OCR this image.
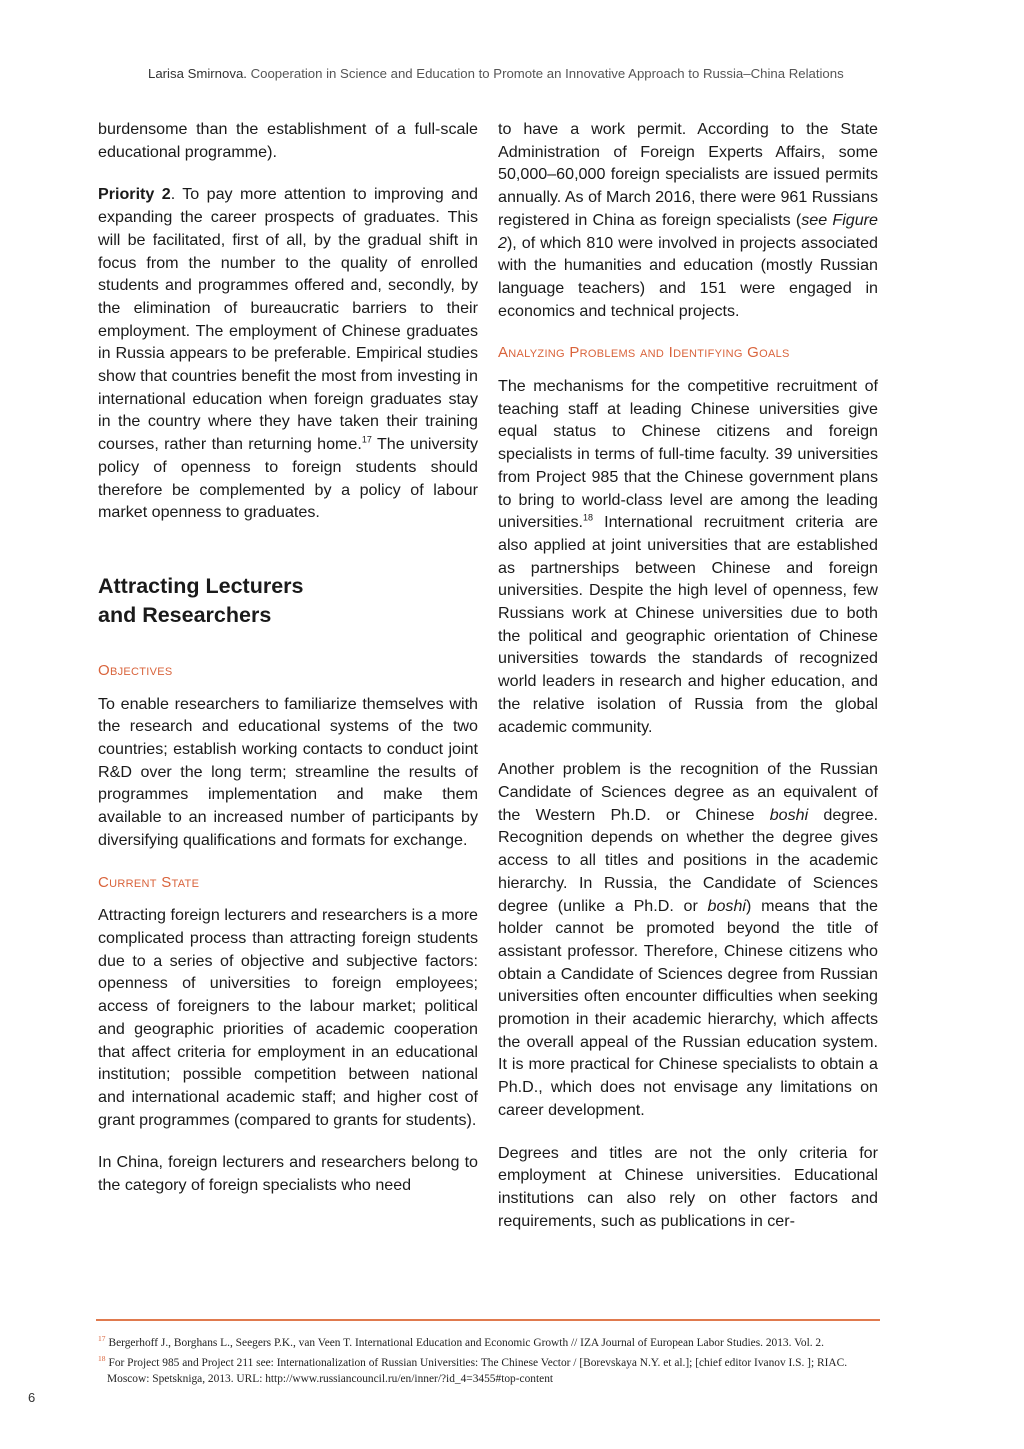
Larisa Smirnova. Cooperation in Science and Education to Promote an Innovative Approach to Russia–China Relations

burdensome than the establishment of a full-scale educational programme).

Priority 2. To pay more attention to improving and expanding the career prospects of graduates. This will be facilitated, first of all, by the gradual shift in focus from the number to the quality of enrolled students and programmes offered and, secondly, by the elimination of bureaucratic barriers to their employment. The employment of Chinese graduates in Russia appears to be preferable. Empirical studies show that countries benefit the most from investing in international education when foreign graduates stay in the country where they have taken their training courses, rather than returning home.$^{17}$ The university policy of openness to foreign students should therefore be complemented by a policy of labour market openness to graduates.

Attracting Lecturers
and Researchers
Objectives

To enable researchers to familiarize themselves with the research and educational systems of the two countries; establish working contacts to conduct joint R&D over the long term; streamline the results of programmes implementation and make them available to an increased number of participants by diversifying qualifications and formats for exchange.

Current State

Attracting foreign lecturers and researchers is a more complicated process than attracting foreign students due to a series of objective and subjective factors: openness of universities to foreign employees; access of foreigners to the labour market; political and geographic priorities of academic cooperation that affect criteria for employment in an educational institution; possible competition between national and international academic staff; and higher cost of grant programmes (compared to grants for students).

In China, foreign lecturers and researchers belong to the category of foreign specialists who need

to have a work permit. According to the State Administration of Foreign Experts Affairs, some 50,000–60,000 foreign specialists are issued permits annually. As of March 2016, there were 961 Russians registered in China as foreign specialists (see Figure 2), of which 810 were involved in projects associated with the humanities and education (mostly Russian language teachers) and 151 were engaged in economics and technical projects.

Analyzing Problems and Identifying Goals

The mechanisms for the competitive recruitment of teaching staff at leading Chinese universities give equal status to Chinese citizens and foreign specialists in terms of full-time faculty. 39 universities from Project 985 that the Chinese government plans to bring to world-class level are among the leading universities.$^{18}$ International recruitment criteria are also applied at joint universities that are established as partnerships between Chinese and foreign universities. Despite the high level of openness, few Russians work at Chinese universities due to both the political and geographic orientation of Chinese universities towards the standards of recognized world leaders in research and higher education, and the relative isolation of Russia from the global academic community.

Another problem is the recognition of the Russian Candidate of Sciences degree as an equivalent of the Western Ph.D. or Chinese boshi degree. Recognition depends on whether the degree gives access to all titles and positions in the academic hierarchy. In Russia, the Candidate of Sciences degree (unlike a Ph.D. or boshi) means that the holder cannot be promoted beyond the title of assistant professor. Therefore, Chinese citizens who obtain a Candidate of Sciences degree from Russian universities often encounter difficulties when seeking promotion in their academic hierarchy, which affects the overall appeal of the Russian education system. It is more practical for Chinese specialists to obtain a Ph.D., which does not envisage any limitations on career development.

Degrees and titles are not the only criteria for employment at Chinese universities. Educational institutions can also rely on other factors and requirements, such as publications in cer-

$^{17}$ Bergerhoff J., Borghans L., Seegers P.K., van Veen T. International Education and Economic Growth // IZA Journal of European Labor Studies. 2013. Vol. 2.

$^{18}$ For Project 985 and Project 211 see: Internationalization of Russian Universities: The Chinese Vector / [Borevskaya N.Y. et al.]; [chief editor Ivanov I.S. ]; RIAC.

Moscow: Spetskniga, 2013. URL: http://www.russiancouncil.ru/en/inner/?id_4=3455#top-content

6
